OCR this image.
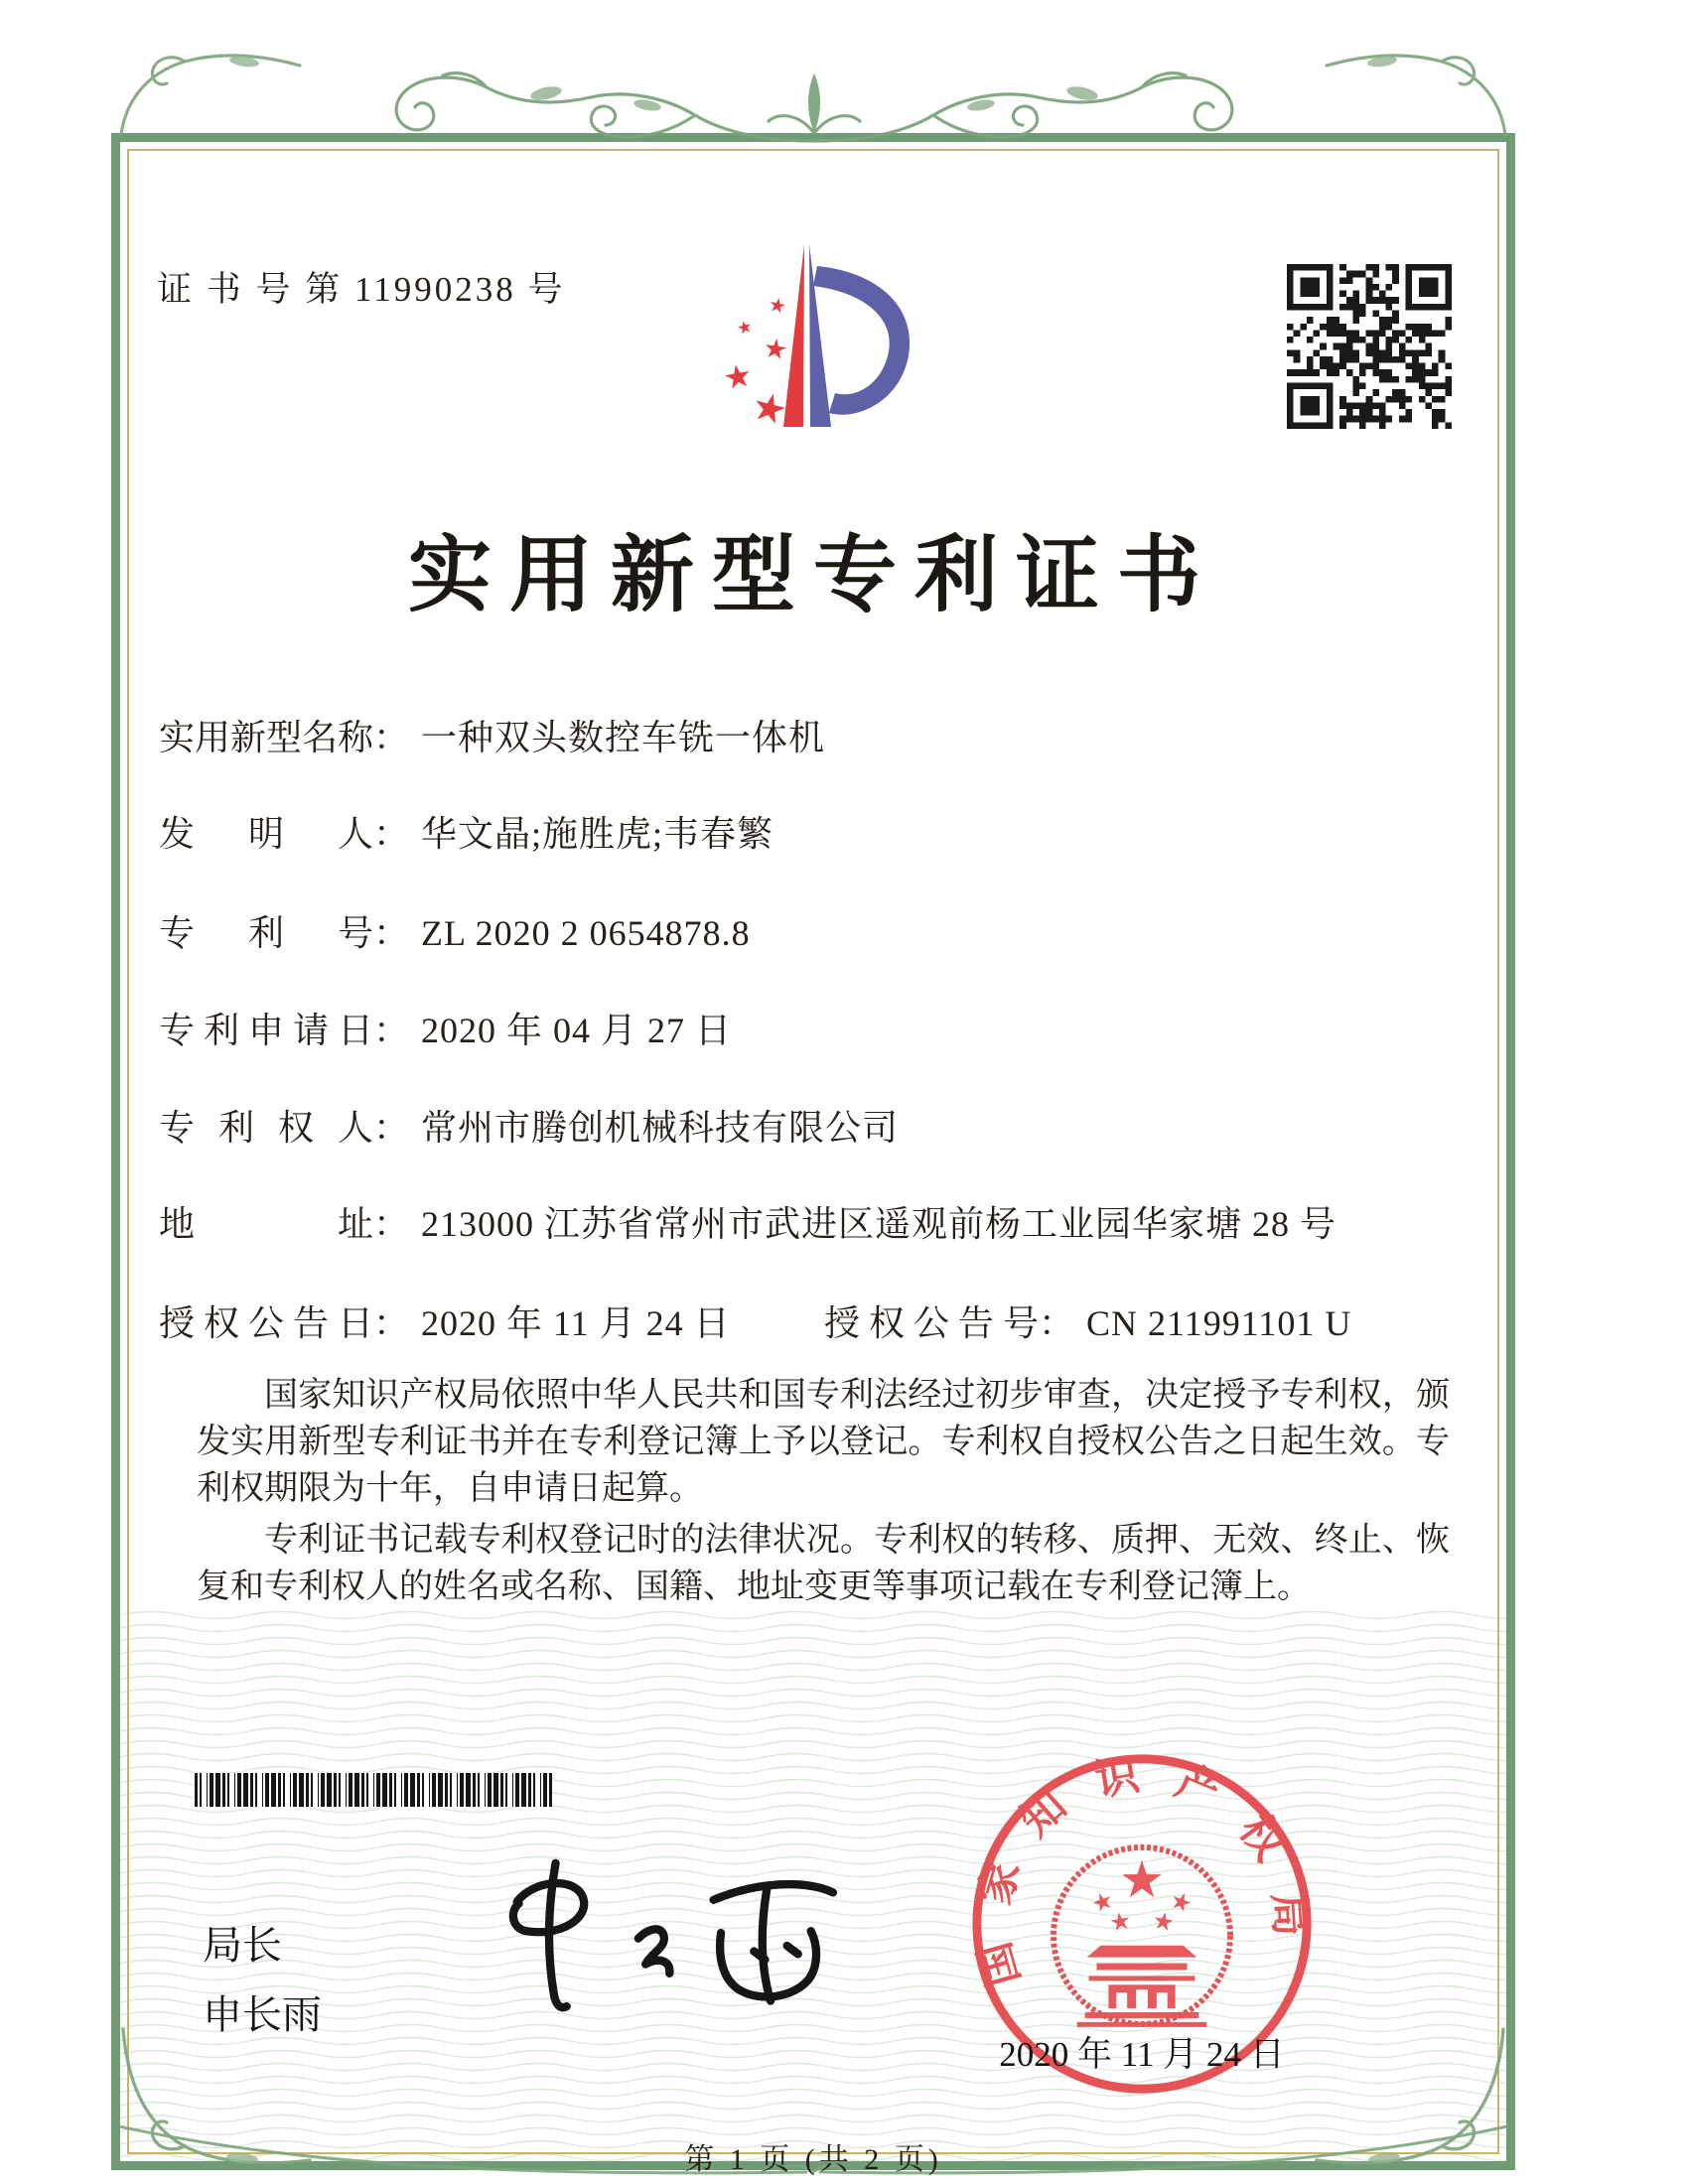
证 书 号 第 11990238 号
实用新型专利证书
实用新型名称： 一种双头数控车铣一体机
发明人： 华文晶;施胜虎;韦春繁
专利号： ZL 2020 2 0654878.8
专利申请日： 2020 年 04 月 27 日
专利权人： 常州市腾创机械科技有限公司
地址： 213000 江苏省常州市武进区遥观前杨工业园华家塘 28 号
授权公告日： 2020 年 11 月 24 日	授权公告号： CN 211991101 U

国家知识产权局依照中华人民共和国专利法经过初步审查，决定授予专利权，颁发实用新型专利证书并在专利登记簿上予以登记。专利权自授权公告之日起生效。专利权期限为十年，自申请日起算。

专利证书记载专利权登记时的法律状况。专利权的转移、质押、无效、终止、恢复和专利权人的姓名或名称、国籍、地址变更等事项记载在专利登记簿上。

局长
申长雨
国家知识产权局
2020 年 11 月 24 日
第 1 页 (共 2 页)
